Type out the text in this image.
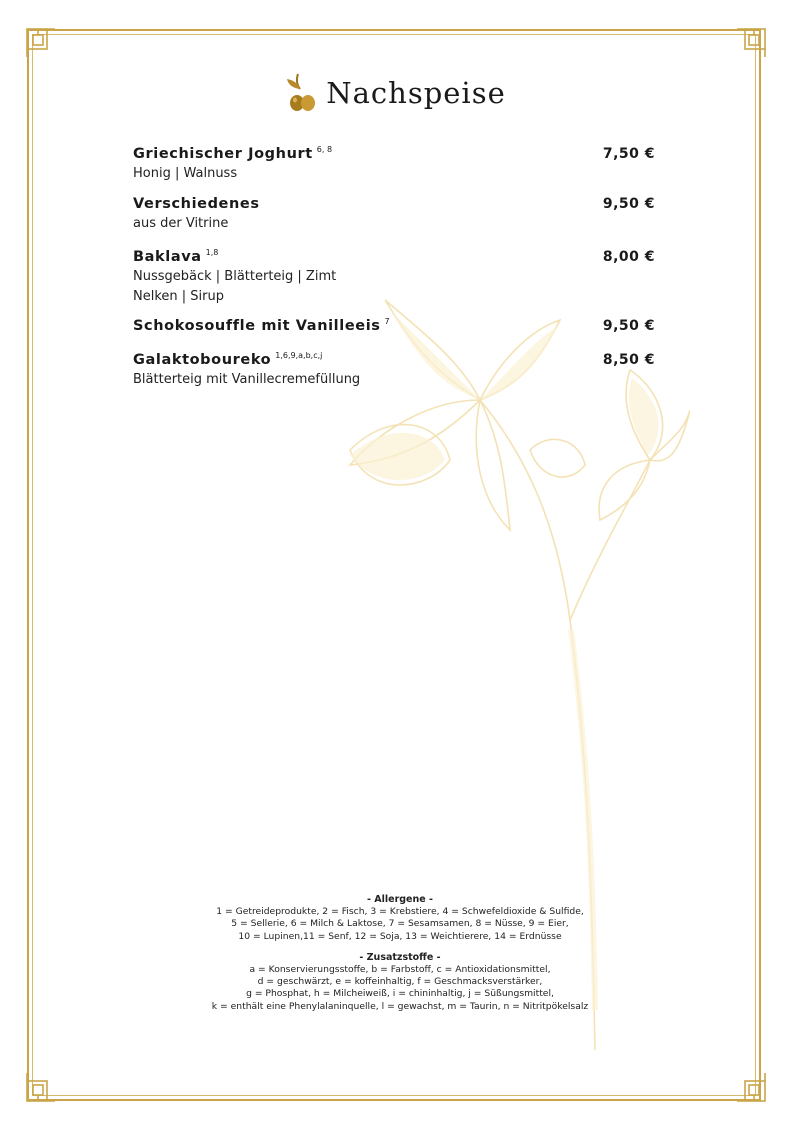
Nachspeise
Griechischer Joghurt $^{6, 8}$	7,50 €
Honig | Walnuss
Verschiedenes	9,50 €
aus der Vitrine
Baklava $^{1,8}$	8,00 €
Nussgebäck | Blätterteig | Zimt
Nelken | Sirup
Schokosouffle mit Vanilleeis $^7$	9,50 €
Galaktoboureko $^{1,6,9,a,b,c,j}$	8,50 €
Blätterteig mit Vanillecremefüllung
- Allergene -
1 = Getreideprodukte, 2 = Fisch, 3 = Krebstiere, 4 = Schwefeldioxide & Sulfide,
5 = Sellerie, 6 = Milch & Laktose, 7 = Sesamsamen, 8 = Nüsse, 9 = Eier,
10 = Lupinen,11 = Senf, 12 = Soja, 13 = Weichtierere, 14 = Erdnüsse
- Zusatzstoffe -
a = Konservierungsstoffe, b = Farbstoff, c = Antioxidationsmittel,
d = geschwärzt, e = koffeinhaltig, f = Geschmacksverstärker,
g = Phosphat, h = Milcheiweiß, i = chininhaltig, j = Süßungsmittel,
k = enthält eine Phenylalaninquelle, l = gewachst, m = Taurin, n = Nitritpökelsalz
